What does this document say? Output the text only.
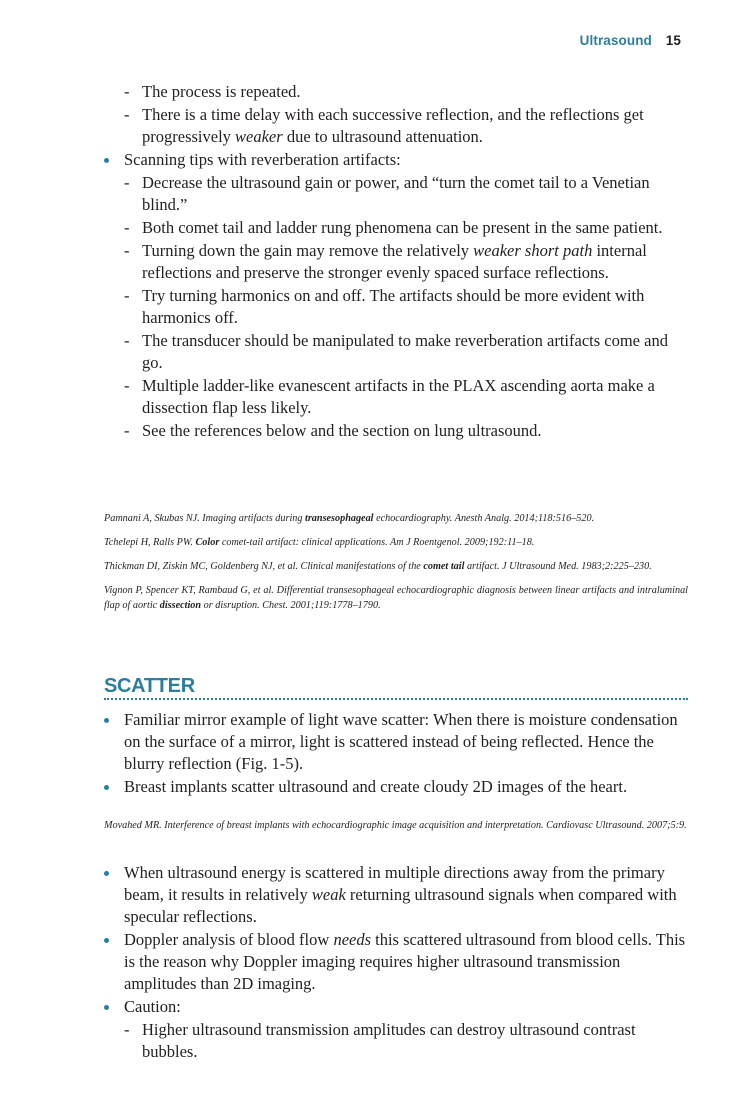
Ultrasound 15
- The process is repeated.
- There is a time delay with each successive reflection, and the reflections get progressively weaker due to ultrasound attenuation.
Scanning tips with reverberation artifacts:
- Decrease the ultrasound gain or power, and “turn the comet tail to a Venetian blind.”
- Both comet tail and ladder rung phenomena can be present in the same patient.
- Turning down the gain may remove the relatively weaker short path internal reflections and preserve the stronger evenly spaced surface reflections.
- Try turning harmonics on and off. The artifacts should be more evident with harmonics off.
- The transducer should be manipulated to make reverberation artifacts come and go.
- Multiple ladder-like evanescent artifacts in the PLAX ascending aorta make a dissection flap less likely.
- See the references below and the section on lung ultrasound.
Pamnani A, Skubas NJ. Imaging artifacts during transesophageal echocardiography. Anesth Analg. 2014;118:516–520.
Tchelepi H, Ralls PW. Color comet-tail artifact: clinical applications. Am J Roentgenol. 2009;192:11–18.
Thickman DI, Ziskin MC, Goldenberg NJ, et al. Clinical manifestations of the comet tail artifact. J Ultrasound Med. 1983;2:225–230.
Vignon P, Spencer KT, Rambaud G, et al. Differential transesophageal echocardiographic diagnosis between linear artifacts and intraluminal flap of aortic dissection or disruption. Chest. 2001;119:1778–1790.
SCATTER
Familiar mirror example of light wave scatter: When there is moisture condensation on the surface of a mirror, light is scattered instead of being reflected. Hence the blurry reflection (Fig. 1-5).
Breast implants scatter ultrasound and create cloudy 2D images of the heart.
Movahed MR. Interference of breast implants with echocardiographic image acquisition and interpretation. Cardiovasc Ultrasound. 2007;5:9.
When ultrasound energy is scattered in multiple directions away from the primary beam, it results in relatively weak returning ultrasound signals when compared with specular reflections.
Doppler analysis of blood flow needs this scattered ultrasound from blood cells. This is the reason why Doppler imaging requires higher ultrasound transmission amplitudes than 2D imaging.
Caution:
- Higher ultrasound transmission amplitudes can destroy ultrasound contrast bubbles.
